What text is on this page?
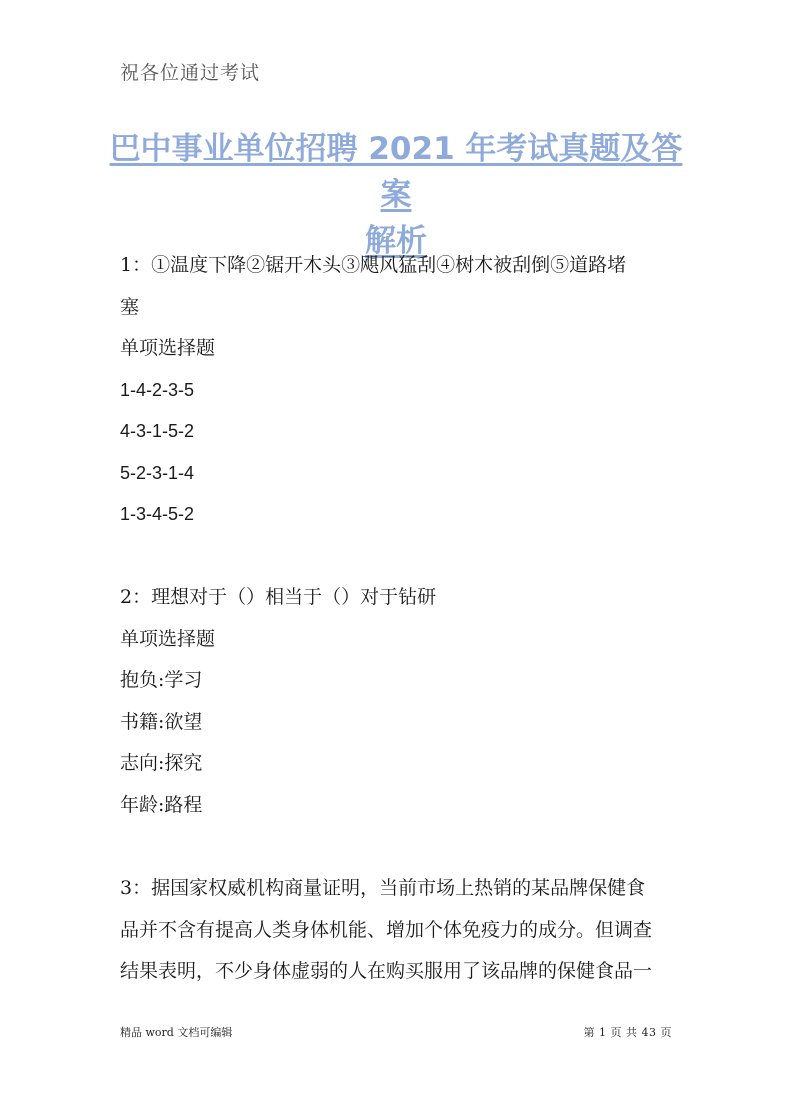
祝各位通过考试
巴中事业单位招聘 2021 年考试真题及答案
解析
1：①温度下降②锯开木头③飓风猛刮④树木被刮倒⑤道路堵
塞
单项选择题
1-4-2-3-5
4-3-1-5-2
5-2-3-1-4
1-3-4-5-2
2：理想对于（）相当于（）对于钻研
单项选择题
抱负:学习
书籍:欲望
志向:探究
年龄:路程
3：据国家权威机构商量证明，当前市场上热销的某品牌保健食
品并不含有提高人类身体机能、增加个体免疫力的成分。但调查
结果表明，不少身体虚弱的人在购买服用了该品牌的保健食品一
精品 word 文档可编辑	第 1 页 共 43 页
